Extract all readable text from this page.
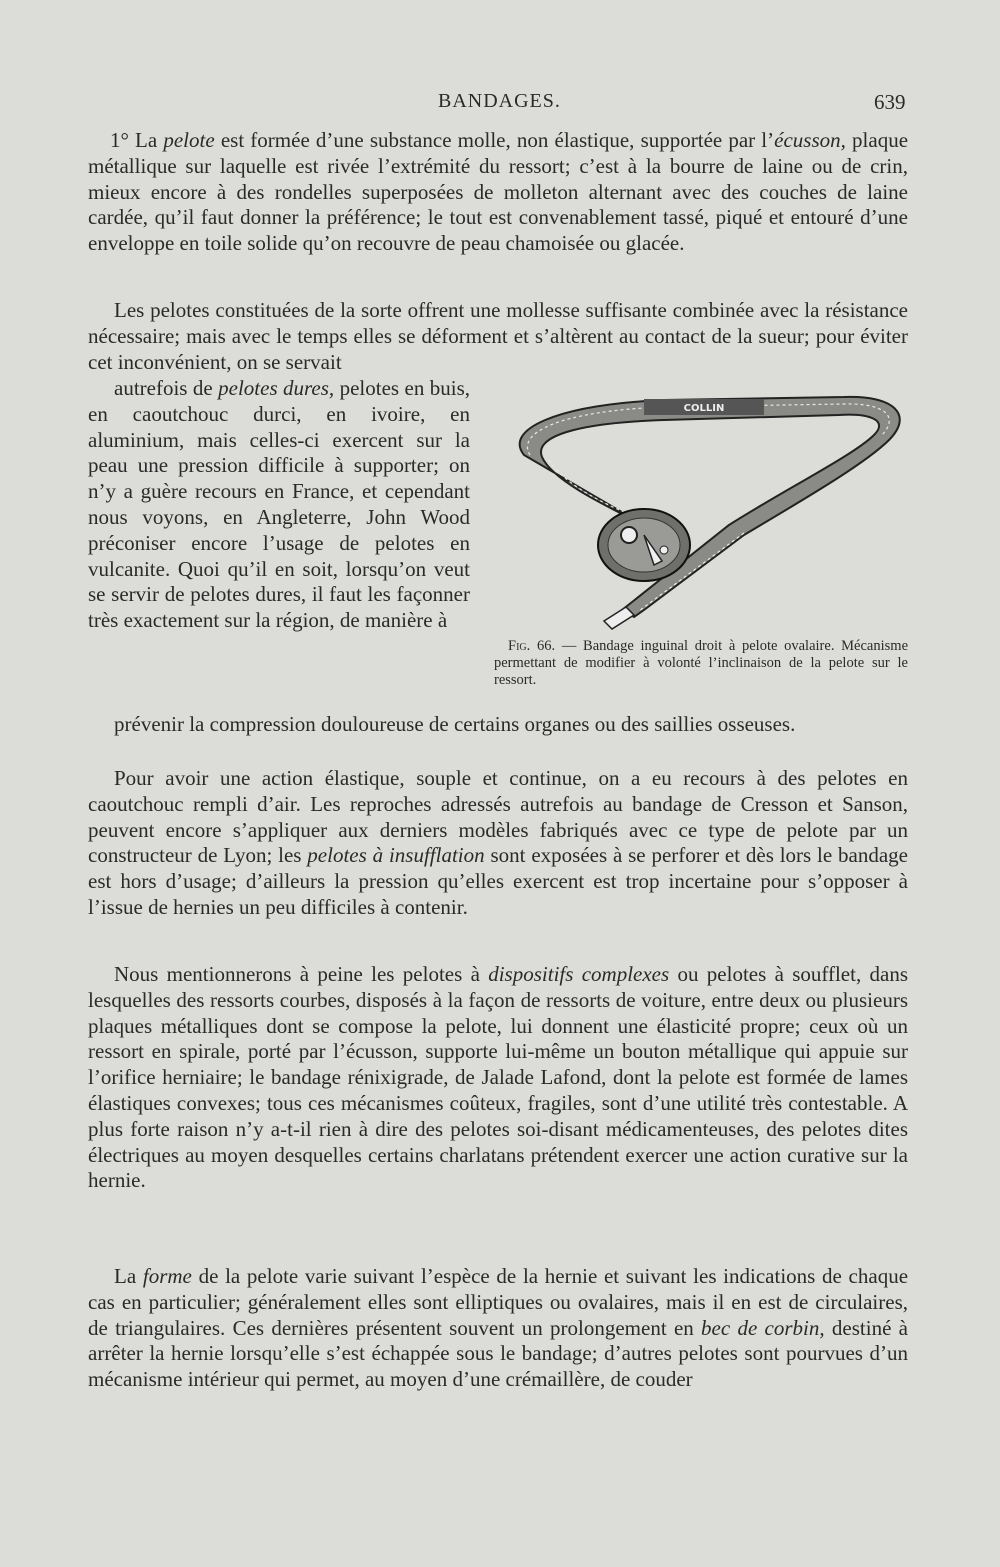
BANDAGES.	639

1° La pelote est formée d’une substance molle, non élastique, supportée par l’écusson, plaque métallique sur laquelle est rivée l’extrémité du ressort; c’est à la bourre de laine ou de crin, mieux encore à des rondelles superposées de molleton alternant avec des couches de laine cardée, qu’il faut donner la préférence; le tout est convenablement tassé, piqué et entouré d’une enveloppe en toile solide qu’on recouvre de peau chamoisée ou glacée.

Les pelotes constituées de la sorte offrent une mollesse suffisante combinée avec la résistance nécessaire; mais avec le temps elles se déforment et s’altèrent au contact de la sueur; pour éviter cet inconvénient, on se servait

autrefois de pelotes dures, pelotes en buis, en caoutchouc durci, en ivoire, en aluminium, mais celles-ci exercent sur la peau une pression difficile à supporter; on n’y a guère recours en France, et cependant nous voyons, en Angleterre, John Wood préconiser encore l’usage de pelotes en vulcanite. Quoi qu’il en soit, lorsqu’on veut se servir de pelotes dures, il faut les façonner très exactement sur la région, de manière à

prévenir la compression douloureuse de certains organes ou des saillies osseuses.

COLLIN
Fig. 66. — Bandage inguinal droit à pelote ovalaire. Mécanisme permettant de modifier à volonté l’inclinaison de la pelote sur le ressort.

Pour avoir une action élastique, souple et continue, on a eu recours à des pelotes en caoutchouc rempli d’air. Les reproches adressés autrefois au bandage de Cresson et Sanson, peuvent encore s’appliquer aux derniers modèles fabriqués avec ce type de pelote par un constructeur de Lyon; les pelotes à insufflation sont exposées à se perforer et dès lors le bandage est hors d’usage; d’ailleurs la pression qu’elles exercent est trop incertaine pour s’opposer à l’issue de hernies un peu difficiles à contenir.

Nous mentionnerons à peine les pelotes à dispositifs complexes ou pelotes à soufflet, dans lesquelles des ressorts courbes, disposés à la façon de ressorts de voiture, entre deux ou plusieurs plaques métalliques dont se compose la pelote, lui donnent une élasticité propre; ceux où un ressort en spirale, porté par l’écusson, supporte lui-même un bouton métallique qui appuie sur l’orifice herniaire; le bandage rénixigrade, de Jalade Lafond, dont la pelote est formée de lames élastiques convexes; tous ces mécanismes coûteux, fragiles, sont d’une utilité très contestable. A plus forte raison n’y a-t-il rien à dire des pelotes soi-disant médicamenteuses, des pelotes dites électriques au moyen desquelles certains charlatans prétendent exercer une action curative sur la hernie.

La forme de la pelote varie suivant l’espèce de la hernie et suivant les indications de chaque cas en particulier; généralement elles sont elliptiques ou ovalaires, mais il en est de circulaires, de triangulaires. Ces dernières présentent souvent un prolongement en bec de corbin, destiné à arrêter la hernie lorsqu’elle s’est échappée sous le bandage; d’autres pelotes sont pourvues d’un mécanisme intérieur qui permet, au moyen d’une crémaillère, de couder
